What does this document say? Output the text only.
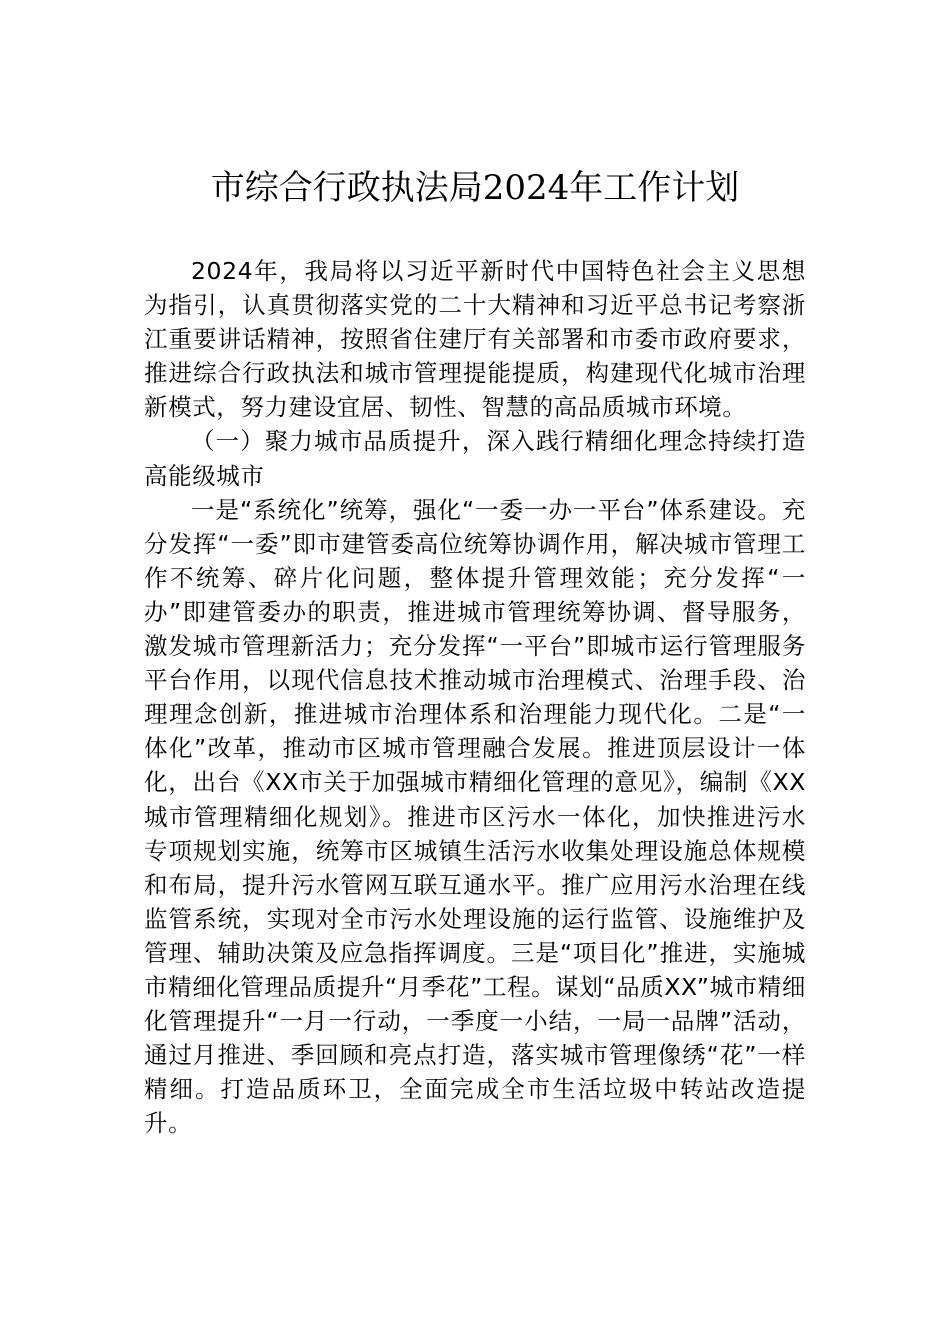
市综合行政执法局2024年工作计划

2024年，我局将以习近平新时代中国特色社会主义思想为指引，认真贯彻落实党的二十大精神和习近平总书记考察浙江重要讲话精神，按照省住建厅有关部署和市委市政府要求，推进综合行政执法和城市管理提能提质，构建现代化城市治理新模式，努力建设宜居、韧性、智慧的高品质城市环境。

（一）聚力城市品质提升，深入践行精细化理念持续打造高能级城市

一是“系统化”统筹，强化“一委一办一平台”体系建设。充分发挥“一委”即市建管委高位统筹协调作用，解决城市管理工作不统筹、碎片化问题，整体提升管理效能；充分发挥“一办”即建管委办的职责，推进城市管理统筹协调、督导服务，激发城市管理新活力；充分发挥“一平台”即城市运行管理服务平台作用，以现代信息技术推动城市治理模式、治理手段、治理理念创新，推进城市治理体系和治理能力现代化。二是“一体化”改革，推动市区城市管理融合发展。推进顶层设计一体化，出台《XX市关于加强城市精细化管理的意见》，编制《XX城市管理精细化规划》。推进市区污水一体化，加快推进污水专项规划实施，统筹市区城镇生活污水收集处理设施总体规模和布局，提升污水管网互联互通水平。推广应用污水治理在线监管系统，实现对全市污水处理设施的运行监管、设施维护及管理、辅助决策及应急指挥调度。三是“项目化”推进，实施城市精细化管理品质提升“月季花”工程。谋划“品质XX”城市精细化管理提升“一月一行动，一季度一小结，一局一品牌”活动，通过月推进、季回顾和亮点打造，落实城市管理像绣“花”一样精细。打造品质环卫，全面完成全市生活垃圾中转站改造提升。
